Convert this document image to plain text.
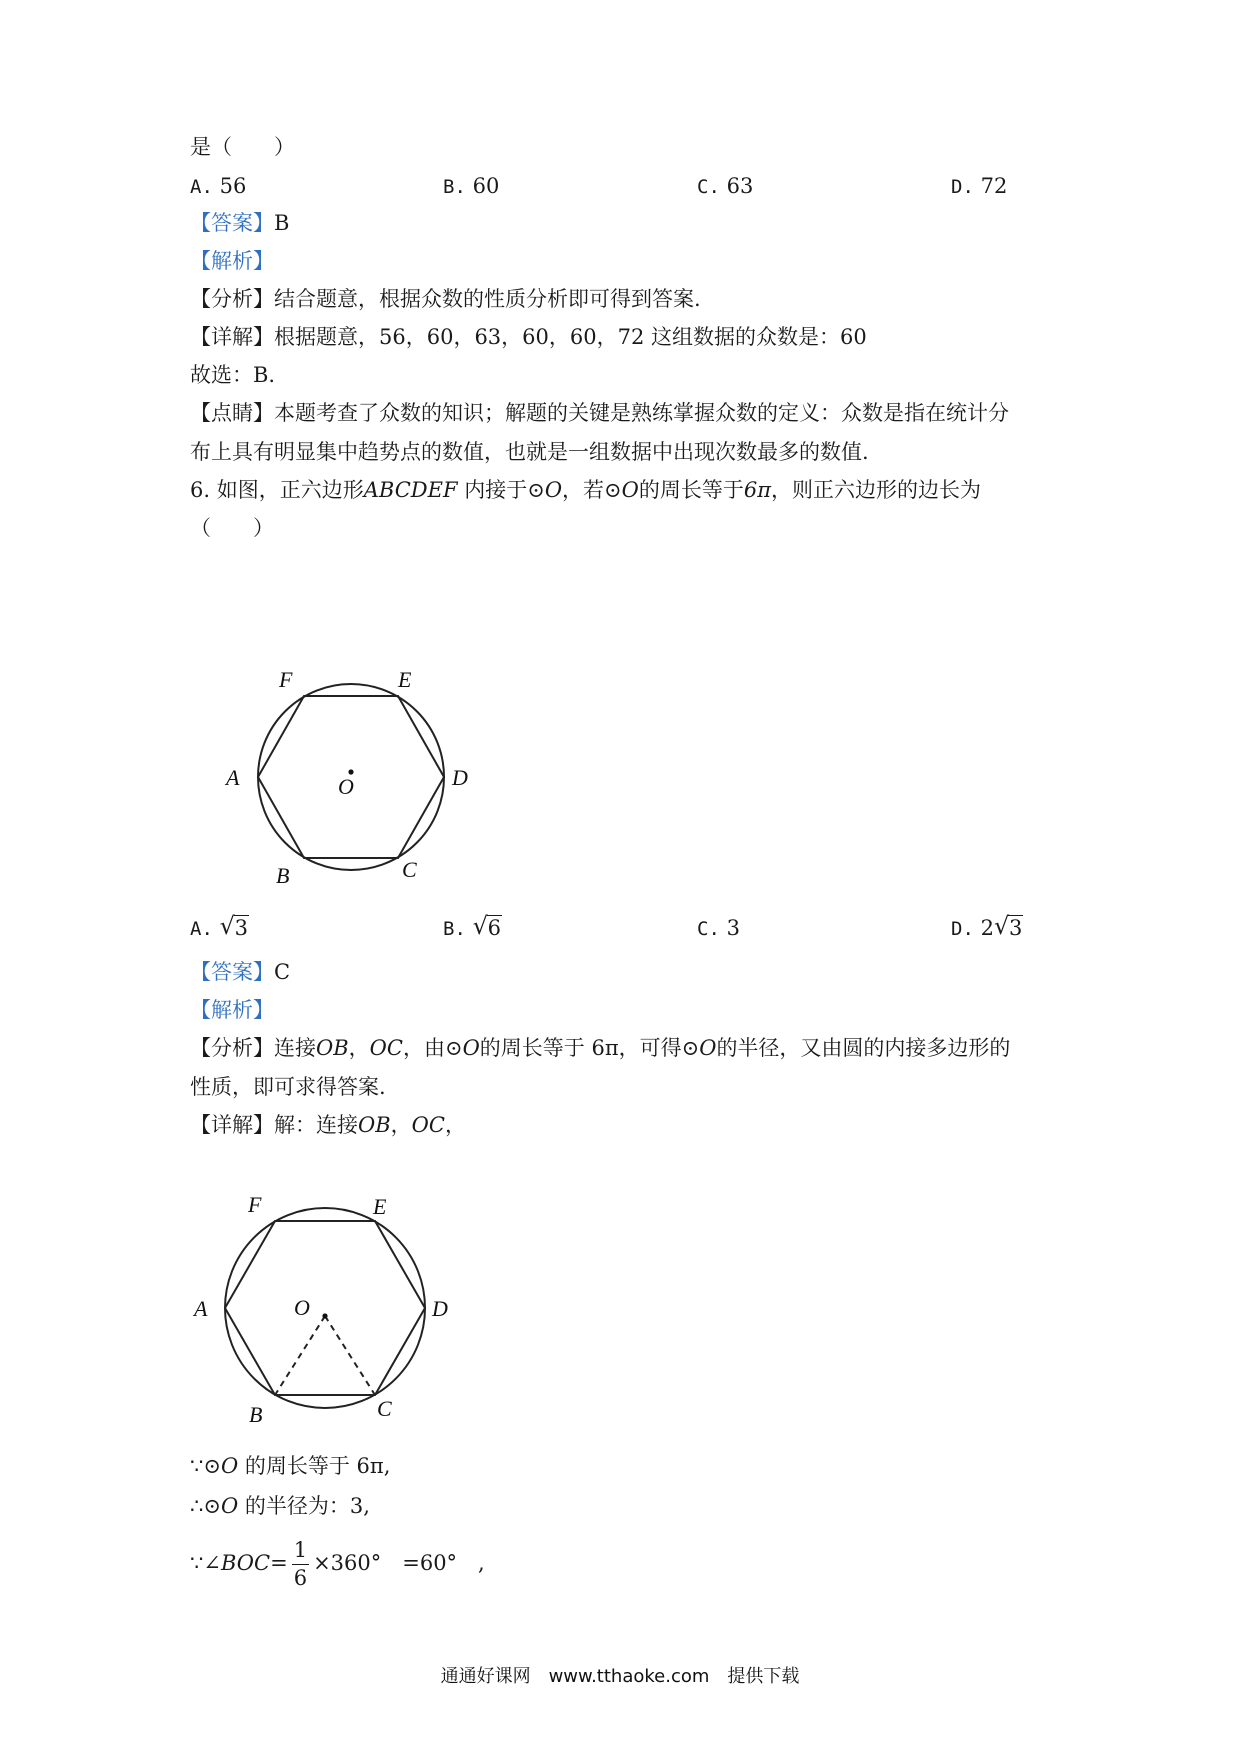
是（　　）
A. 56	B. 60	C. 63	D. 72
【答案】B
【解析】
【分析】结合题意，根据众数的性质分析即可得到答案.
【详解】根据题意，56，60，63，60，60，72 这组数据的众数是：60
故选：B.
【点睛】本题考查了众数的知识；解题的关键是熟练掌握众数的定义：众数是指在统计分
布上具有明显集中趋势点的数值，也就是一组数据中出现次数最多的数值.
6. 如图，正六边形ABCDEF 内接于⊙O，若⊙O的周长等于6π，则正六边形的边长为
（　　）
F	E
A	D
O
B	C
A. √ 3	B. √ 6	C. 3	D. 2 √ 3
【答案】C
【解析】
【分析】连接OB，OC，由⊙O的周长等于 6π，可得⊙O的半径，又由圆的内接多边形的
性质，即可求得答案.
【详解】解：连接OB，OC，
F	E
A	D
O
B	C
∵⊙O 的周长等于 6π,
∴⊙O 的半径为：3,
∵∠BOC= $\frac{1}{6} \times 360^\circ$　=60°　,
通通好课网　www.tthaoke.com　提供下载
